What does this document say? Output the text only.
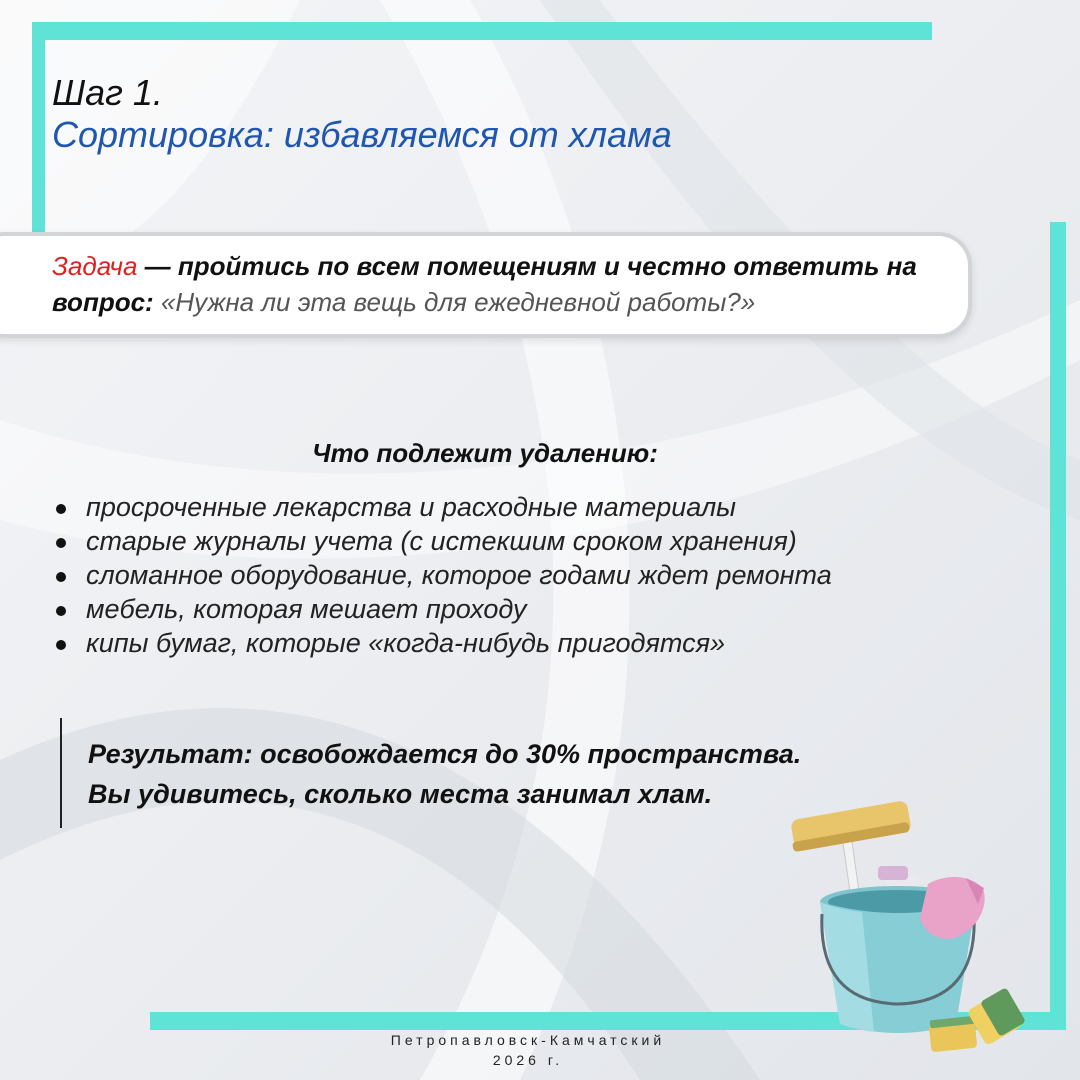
Шаг 1.
Сортировка: избавляемся от хлама

Задача — пройтись по всем помещениям и честно ответить на вопрос: «Нужна ли эта вещь для ежедневной работы?»

Что подлежит удалению:
просроченные лекарства и расходные материалы
старые журналы учета (с истекшим сроком хранения)
сломанное оборудование, которое годами ждет ремонта
мебель, которая мешает проходу
кипы бумаг, которые «когда-нибудь пригодятся»

Результат: освобождается до 30% пространства.
Вы удивитесь, сколько места занимал хлам.

Петропавловск-Камчатский
2026 г.
